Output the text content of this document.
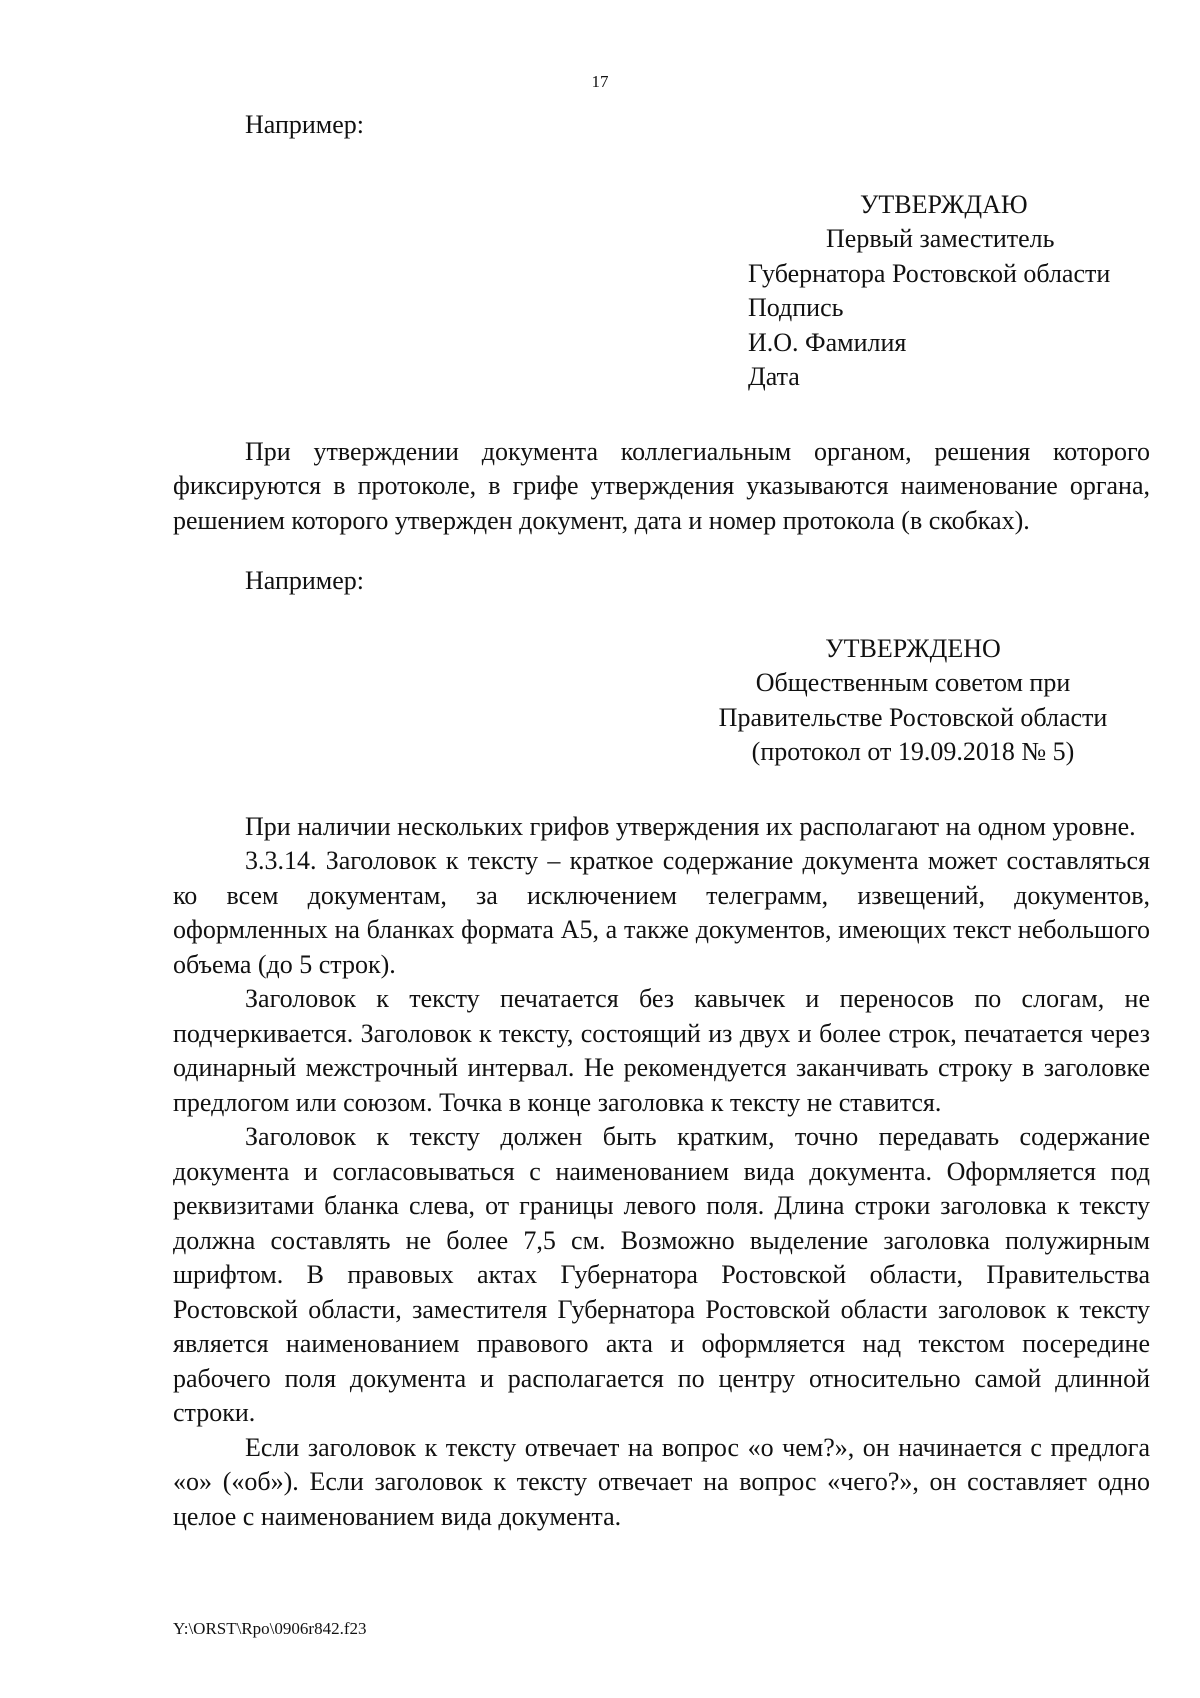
17

Например:

УТВЕРЖДАЮ
Первый заместитель
Губернатора Ростовской области
Подпись
И.О. Фамилия
Дата

При утверждении документа коллегиальным органом, решения которого фиксируются в протоколе, в грифе утверждения указываются наименование органа, решением которого утвержден документ, дата и номер протокола (в скобках).

Например:

УТВЕРЖДЕНО
Общественным советом при
Правительстве Ростовской области
(протокол от 19.09.2018 № 5)

При наличии нескольких грифов утверждения их располагают на одном уровне.

3.3.14. Заголовок к тексту – краткое содержание документа может составляться ко всем документам, за исключением телеграмм, извещений, документов, оформленных на бланках формата А5, а также документов, имеющих текст небольшого объема (до 5 строк).

Заголовок к тексту печатается без кавычек и переносов по слогам, не подчеркивается. Заголовок к тексту, состоящий из двух и более строк, печатается через одинарный межстрочный интервал. Не рекомендуется заканчивать строку в заголовке предлогом или союзом. Точка в конце заголовка к тексту не ставится.

Заголовок к тексту должен быть кратким, точно передавать содержание документа и согласовываться с наименованием вида документа. Оформляется под реквизитами бланка слева, от границы левого поля. Длина строки заголовка к тексту должна составлять не более 7,5 см. Возможно выделение заголовка полужирным шрифтом. В правовых актах Губернатора Ростовской области, Правительства Ростовской области, заместителя Губернатора Ростовской области заголовок к тексту является наименованием правового акта и оформляется над текстом посередине рабочего поля документа и располагается по центру относительно самой длинной строки.

Если заголовок к тексту отвечает на вопрос «о чем?», он начинается с предлога «о» («об»). Если заголовок к тексту отвечает на вопрос «чего?», он составляет одно целое с наименованием вида документа.

Y:\ORST\Rpo\0906r842.f23
